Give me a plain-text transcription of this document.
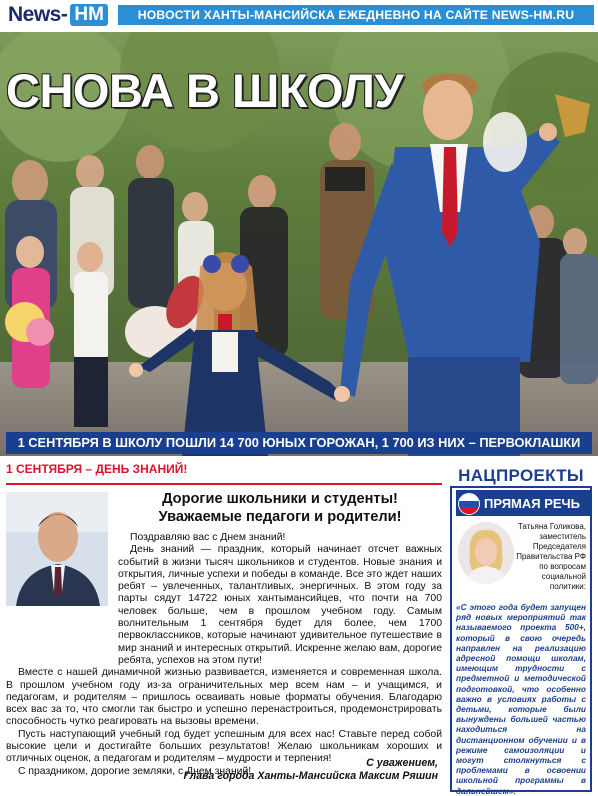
News - HM	НОВОСТИ ХАНТЫ-МАНСИЙСКА ЕЖЕДНЕВНО НА САЙТЕ NEWS-HM.RU
СНОВА В ШКОЛУ
1 СЕНТЯБРЯ В ШКОЛУ ПОШЛИ 14 700 ЮНЫХ ГОРОЖАН, 1 700 ИЗ НИХ – ПЕРВОКЛАШКИ
1 СЕНТЯБРЯ – ДЕНЬ ЗНАНИЙ!
Дорогие школьники и студенты!
Уважаемые педагоги и родители!

Поздравляю вас с Днем знаний!

День знаний — праздник, который начинает отсчет важных событий в жизни тысяч школьников и студентов. Новые знания и открытия, личные успехи и победы в команде. Все это ждет наших ребят – увлеченных, талантливых, энергичных. В этом году за парты сядут 14722 юных хантымансийцев, что почти на 700 человек больше, чем в прошлом учебном году. Самым волнительным 1 сентября будет для более, чем 1700 первоклассников, которые начинают удивительное путешествие в мир знаний и интересных открытий. Искренне желаю вам, дорогие ребята, успехов на этом пути!

Вместе с нашей динамичной жизнью развивается, изменяется и современная школа. В прошлом учебном году из-за ограничительных мер всем нам – и учащимся, и педагогам, и родителям – пришлось осваивать новые форматы обучения. Благодарю всех вас за то, что смогли так быстро и успешно перенастроиться, продемонстрировать способность чутко реагировать на вызовы времени.

Пусть наступающий учебный год будет успешным для всех нас! Ставьте перед собой высокие цели и достигайте больших результатов! Желаю школьникам хороших и отличных оценок, а педагогам и родителям – мудрости и терпения!

С праздником, дорогие земляки, с Днем знаний!

С уважением,
Глава города Ханты-Мансийска Максим Ряшин
НАЦПРОЕКТЫ
ПРЯМАЯ РЕЧЬ
Татьяна Голикова, заместитель Председателя Правительства РФ по вопросам социальной политики:
«С этого года будет запущен ряд новых мероприятий так называемого проекта 500+, который в свою очередь направлен на реализацию адресной помощи школам, имеющим трудности с предметной и методической подготовкой, что особенно важно в условиях работы с детьми, которые были вынуждены большей частью находиться на дистанционном обучении и в режиме самоизоляции и могут столкнуться с проблемами в освоении школьной программы в дальнейшем».
